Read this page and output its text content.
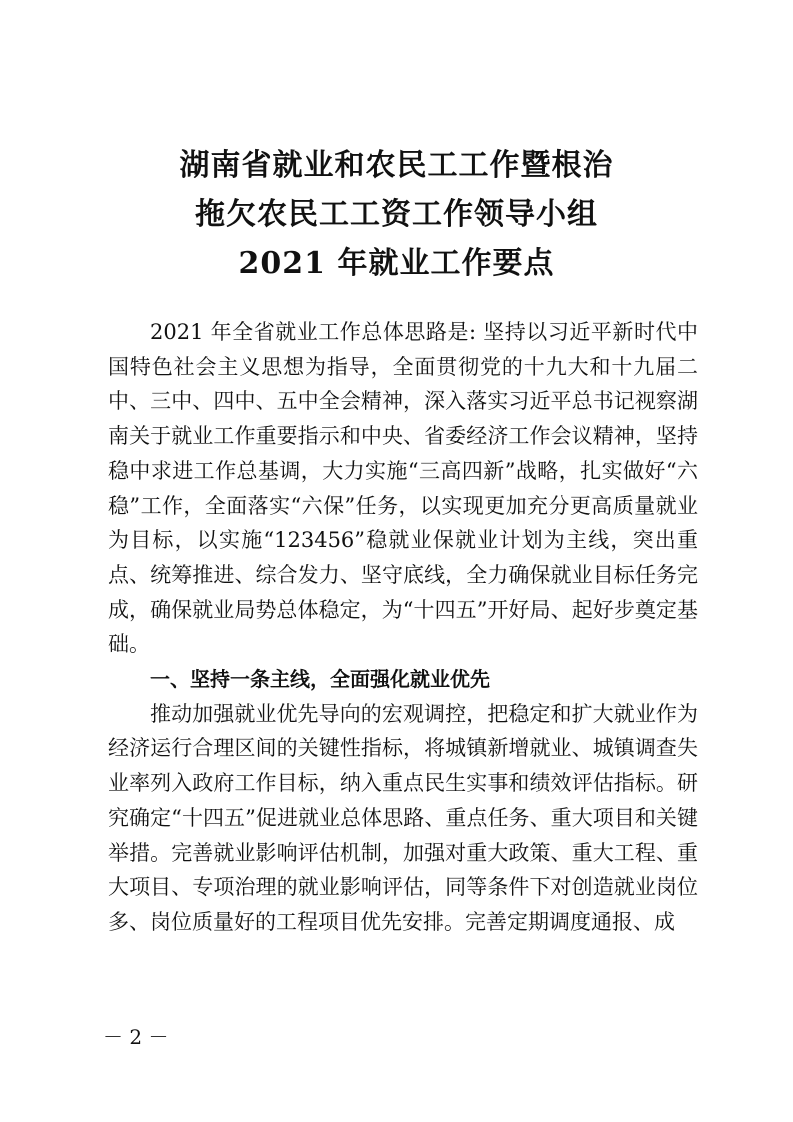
湖南省就业和农民工工作暨根治
拖欠农民工工资工作领导小组
2021 年就业工作要点

2021 年全省就业工作总体思路是: 坚持以习近平新时代中国特色社会主义思想为指导，全面贯彻党的十九大和十九届二中、三中、四中、五中全会精神，深入落实习近平总书记视察湖南关于就业工作重要指示和中央、省委经济工作会议精神，坚持稳中求进工作总基调，大力实施“三高四新”战略，扎实做好“六稳”工作，全面落实“六保”任务，以实现更加充分更高质量就业为目标，以实施“123456”稳就业保就业计划为主线，突出重点、统筹推进、综合发力、坚守底线，全力确保就业目标任务完成，确保就业局势总体稳定，为“十四五”开好局、起好步奠定基础。

一、坚持一条主线，全面强化就业优先

推动加强就业优先导向的宏观调控，把稳定和扩大就业作为经济运行合理区间的关键性指标，将城镇新增就业、城镇调查失业率列入政府工作目标，纳入重点民生实事和绩效评估指标。研究确定“十四五”促进就业总体思路、重点任务、重大项目和关键举措。完善就业影响评估机制，加强对重大政策、重大工程、重大项目、专项治理的就业影响评估，同等条件下对创造就业岗位多、岗位质量好的工程项目优先安排。完善定期调度通报、成

－ 2 －
